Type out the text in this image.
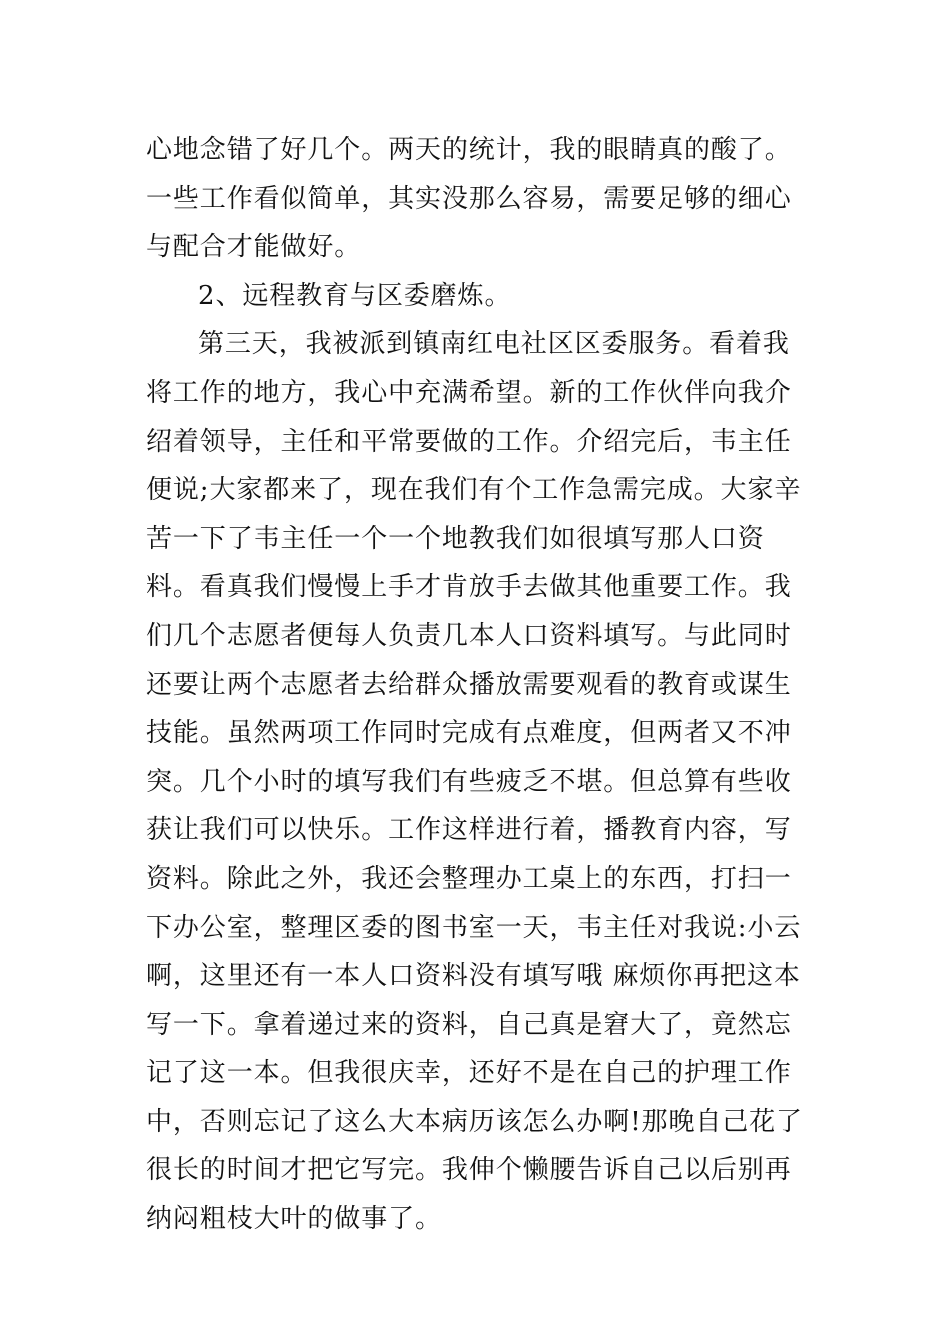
心地念错了好几个。两天的统计，我的眼睛真的酸了。一些工作看似简单，其实没那么容易，需要足够的细心与配合才能做好。

2、远程教育与区委磨炼。

第三天，我被派到镇南红电社区区委服务。看着我将工作的地方，我心中充满希望。新的工作伙伴向我介绍着领导，主任和平常要做的工作。介绍完后，韦主任便说;大家都来了，现在我们有个工作急需完成。大家辛苦一下了韦主任一个一个地教我们如很填写那人口资料。看真我们慢慢上手才肯放手去做其他重要工作。我们几个志愿者便每人负责几本人口资料填写。与此同时还要让两个志愿者去给群众播放需要观看的教育或谋生技能。虽然两项工作同时完成有点难度，但两者又不冲突。几个小时的填写我们有些疲乏不堪。但总算有些收获让我们可以快乐。工作这样进行着，播教育内容，写资料。除此之外，我还会整理办工桌上的东西，打扫一下办公室，整理区委的图书室一天，韦主任对我说:小云啊，这里还有一本人口资料没有填写哦 麻烦你再把这本写一下。拿着递过来的资料，自己真是窘大了，竟然忘记了这一本。但我很庆幸，还好不是在自己的护理工作中，否则忘记了这么大本病历该怎么办啊!那晚自己花了很长的时间才把它写完。我伸个懒腰告诉自己以后别再纳闷粗枝大叶的做事了。
